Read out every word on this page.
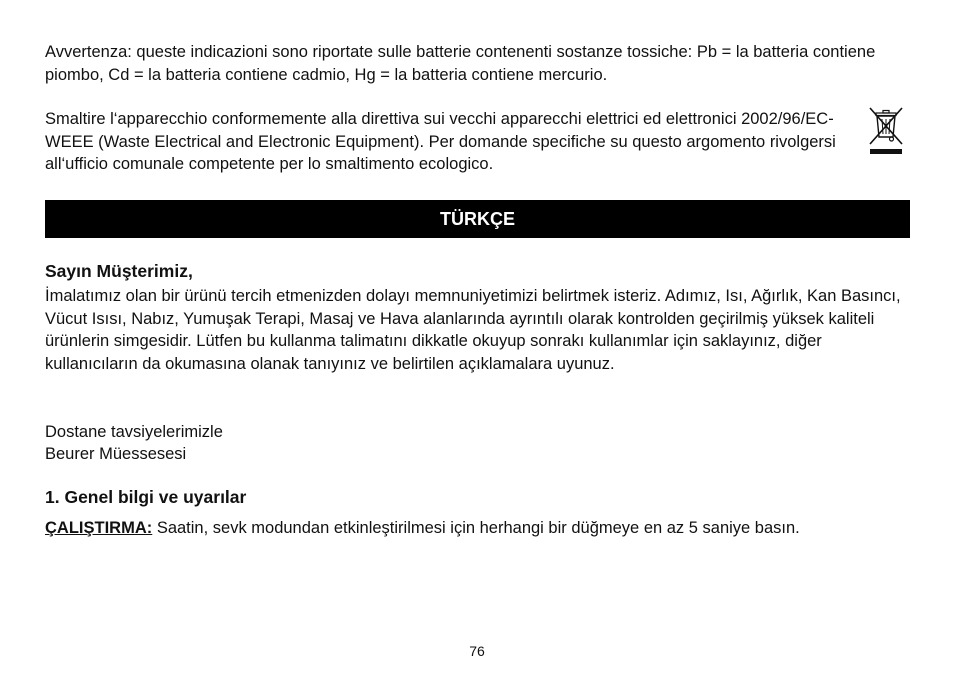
Avvertenza: queste indicazioni sono riportate sulle batterie contenenti sostanze tossiche: Pb = la batteria contiene piombo, Cd = la batteria contiene cadmio, Hg = la batteria contiene mercurio.

Smaltire l‘apparecchio conformemente alla direttiva sui vecchi apparecchi elettrici ed elettronici 2002/96/EC-WEEE (Waste Electrical and Electronic Equipment). Per domande specifiche su questo argomento rivolgersi all‘ufficio comunale competente per lo smaltimento ecologico.

TÜRKÇE

Sayın Müşterimiz,

İmalatımız olan bir ürünü tercih etmenizden dolayı memnuniyetimizi belirtmek isteriz. Adımız, Isı, Ağırlık, Kan Basıncı, Vücut Isısı, Nabız, Yumuşak Terapi, Masaj ve Hava alanlarında ayrıntılı olarak kontrolden geçirilmiş yüksek kaliteli ürünlerin simgesidir. Lütfen bu kullanma talimatını dikkatle okuyup sonrakı kullanımlar için saklayınız, diğer kullanıcıların da okumasına olanak tanıyınız ve belirtilen açıklamalara uyunuz.

Dostane tavsiyelerimizle

Beurer Müessesesi

1. Genel bilgi ve uyarılar

ÇALIŞTIRMA: Saatin, sevk modundan etkinleştirilmesi için herhangi bir düğmeye en az 5 saniye basın.

76
